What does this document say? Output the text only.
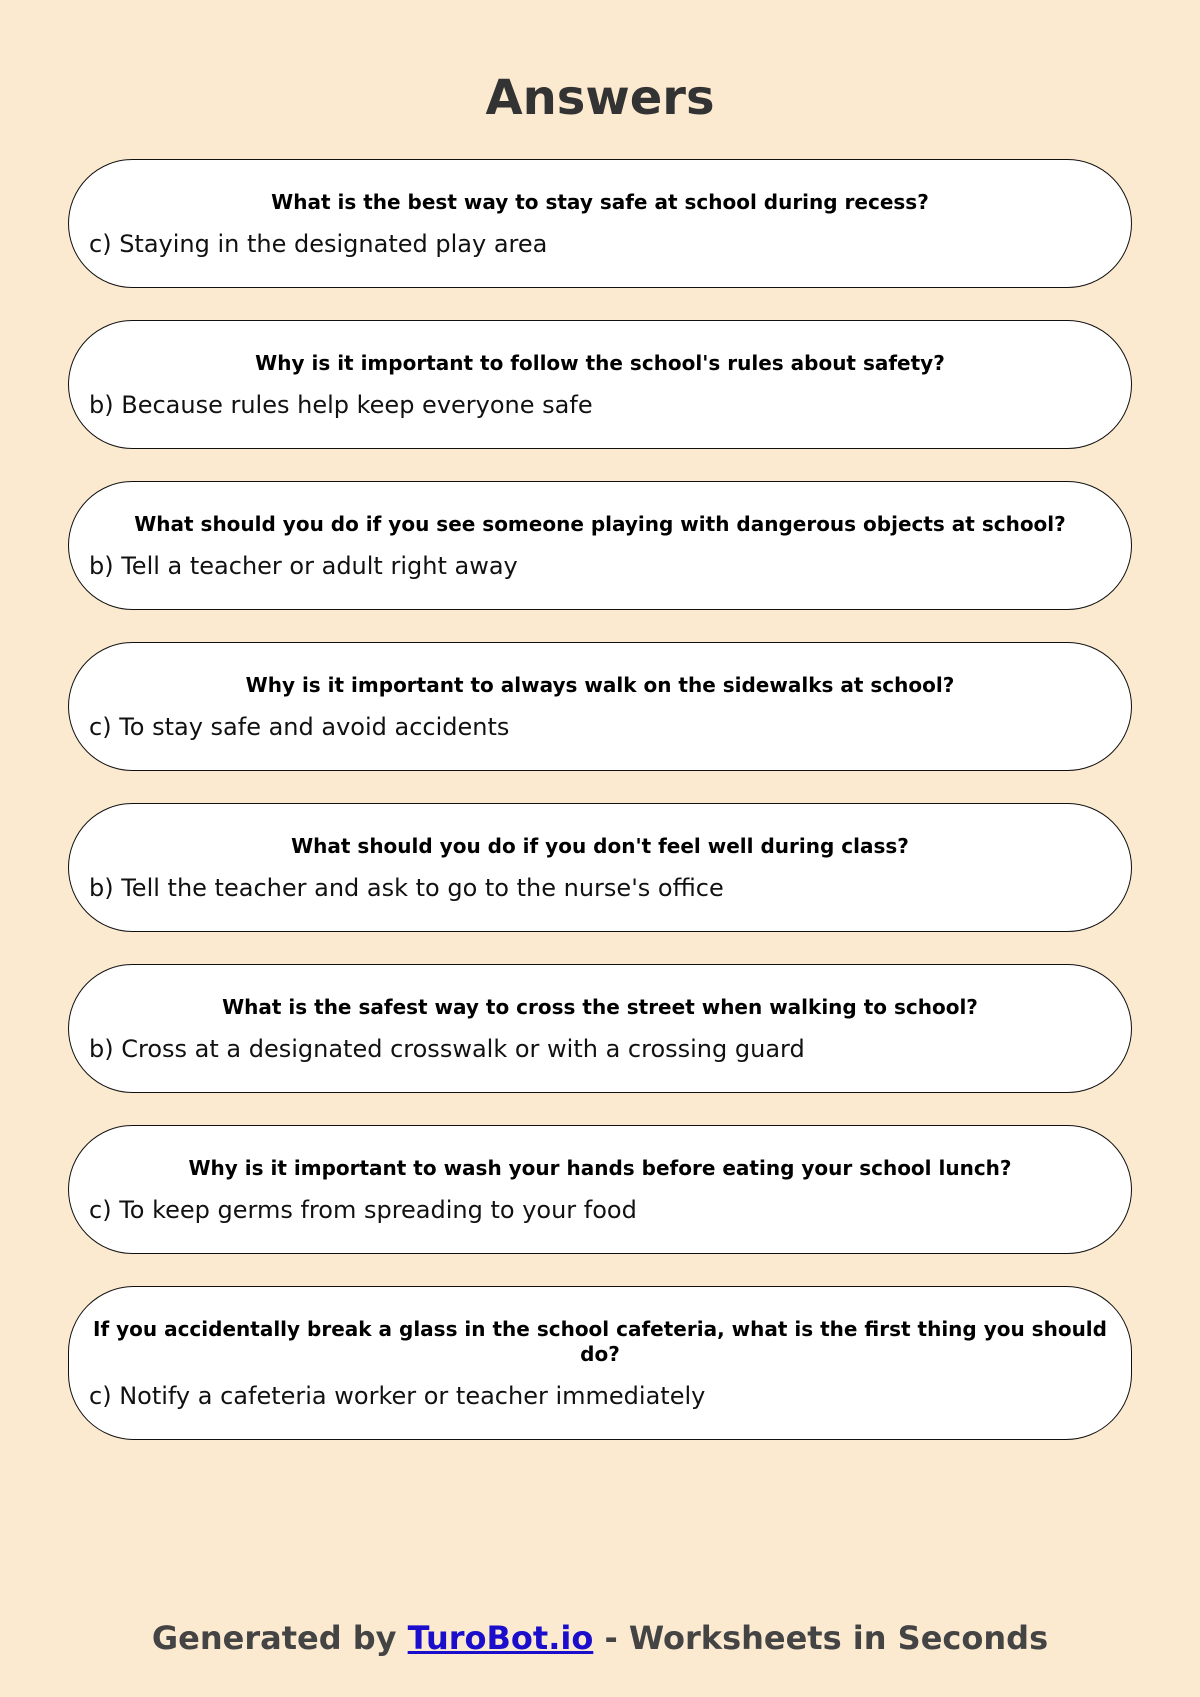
Answers

What is the best way to stay safe at school during recess?

c) Staying in the designated play area

Why is it important to follow the school's rules about safety?

b) Because rules help keep everyone safe

What should you do if you see someone playing with dangerous objects at school?

b) Tell a teacher or adult right away

Why is it important to always walk on the sidewalks at school?

c) To stay safe and avoid accidents

What should you do if you don't feel well during class?

b) Tell the teacher and ask to go to the nurse's office

What is the safest way to cross the street when walking to school?

b) Cross at a designated crosswalk or with a crossing guard

Why is it important to wash your hands before eating your school lunch?

c) To keep germs from spreading to your food

If you accidentally break a glass in the school cafeteria, what is the first thing you should do?

c) Notify a cafeteria worker or teacher immediately

Generated by TuroBot.io - Worksheets in Seconds
